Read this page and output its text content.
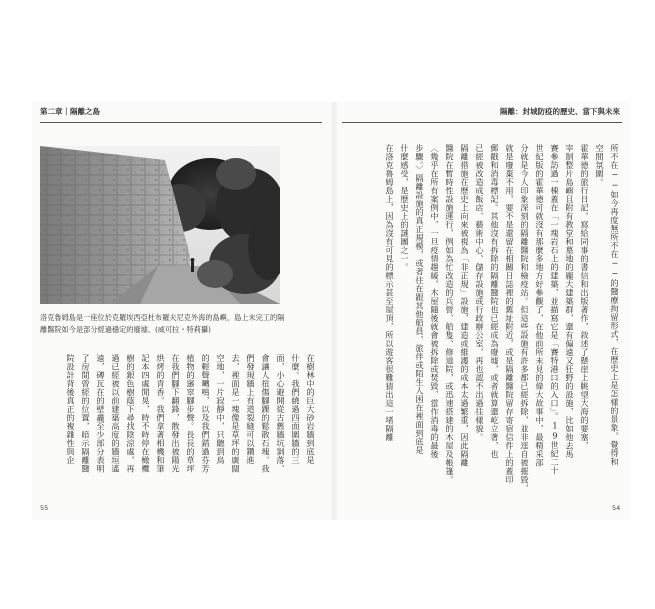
第二章｜隔離之島	隔離：封城防疫的歷史、當下與未來
洛克魯姆島是一座位於克羅埃西亞杜布羅夫尼克外海的島嶼，島上未完工的隔離醫院如今是部分經過穩定的廢墟。(威可拉・特莉攝)	所不在──如今再度無所不在──的醫療拘留形式，在歷史上是怎樣的景象，覺得和
空間氛圍。
霍華德的旅行日記，寫給同事的書信和出版著作，敘述了懸崖上眺望大海的要塞，
宰制整片島嶼且附有教堂和墓地的龐大建築群，還有偏遠又狂野的設施，比如他去馬
賽參訪過一棟蓋在「一塊岩石上的建築，並描寫它是「賽特港口的入口」。19世紀二十
世紀版的霍華德可就沒有那麼多地方好參觀了，在他前所未見的偉大故事中，最精采部
分就是今人印象深刻的隔離醫院和檢疫站。但這些設施有許多都已經拆除，並非逕自被摧毀，
就是廢棄不用，要不是還留在相關日誌裡的舊址附近，或是隔離醫院留存寄宿信件上的蓋印
郵戳和消毒標記。其他沒有拆除的隔離醫院也已經成為廢墟，或者就算還屹立著，也
已經被改造成飯店、藝術中心、儲存設施或行政辦公室，再也認不出過往樣貌。
隔離措施在歷史上向來被視為「非正規」設施，建造或維護的成本太過繁重，因此隔離
醫院在暫時性設施運行，例如為忙改造的兵營、船隻、修道院，或迅速搭建的木屋及帳篷。
〈幾乎在所有案例中，一旦疫情趨緩，木屋隨後就會被拆除或焚毀，當作消毒的最後
步驟。〉隔離設施的真正規模，或者往在跟其他船員、旅伴或陌生人困在裡面到底是
什麼感受，是歷史上的謎團之一。
在洛克魯姆島上，因為沒有可見的標示甚至屋頂，所以遊客很難猜出這一堵隔離
在樹林中的巨大砂岩牆到底是
什麼。我們繞過四面圍牆的三
面，小心避開從古舊牆坑剝落、
會讓人扭傷腳踝的鬆散石塊。我
們發現牆上有道裂縫可以鑽進
去，裡面是一塊像是草坪的廣闊
空地，一片寂靜中，只聽到鳥
的輕聲囀鳴，以及我們錯過芬芳
植物的窸窣腳步聲。長長的草坪
在我們腳下翻鋒，散發出被陽光
烘烤的青香。我們拿著相機和筆
記本四處閒晃，時不時停在橄欖
樹的銀色樹蔭下尋找陰涼處，再
過已經被以前建築高度的牆垣遙
遠，磚瓦在的壁龕至少部分表明
了房間曾經的位置，暗示隔離醫
院設計背後真正的複雜性與企
55	54
